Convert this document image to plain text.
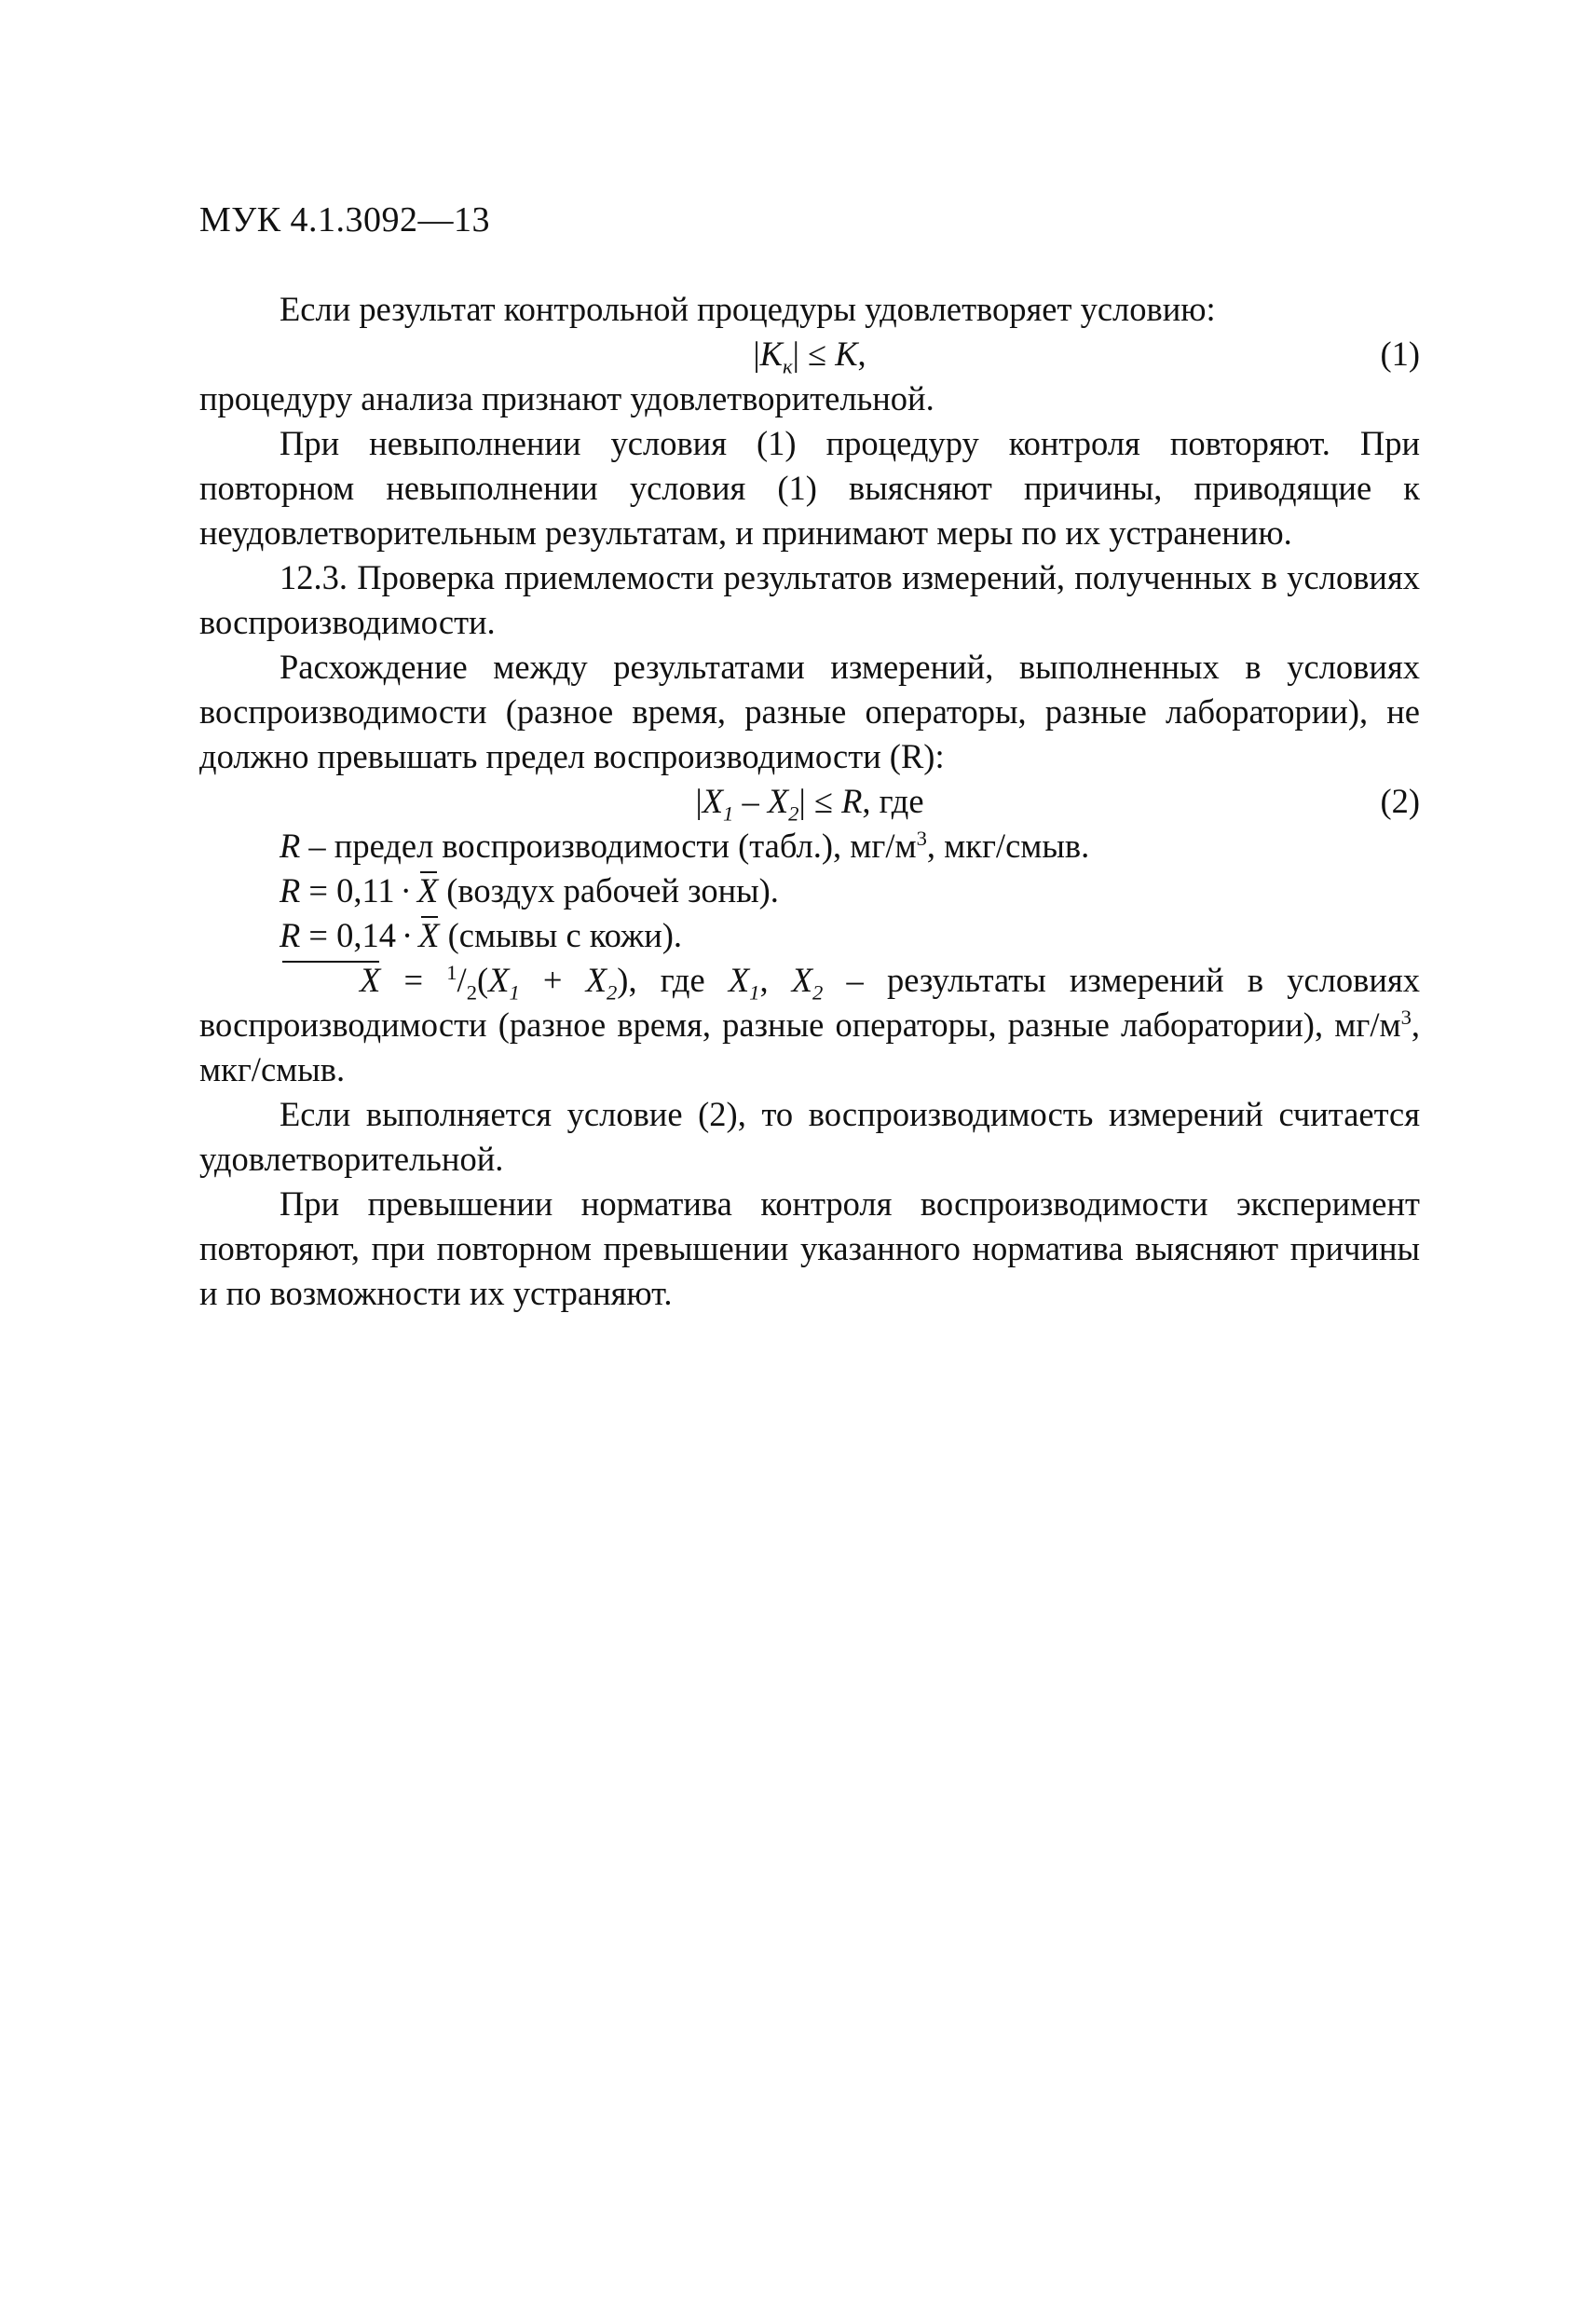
МУК 4.1.3092—13

Если результат контрольной процедуры удовлетворяет условию:

$|K_к| \le K$,	(1)

процедуру анализа признают удовлетворительной.

При невыполнении условия (1) процедуру контроля повторяют. При повторном невыполнении условия (1) выясняют причины, приводящие к неудовлетворительным результатам, и принимают меры по их устранению.

12.3. Проверка приемлемости результатов измерений, полученных в условиях воспроизводимости.

Расхождение между результатами измерений, выполненных в условиях воспроизводимости (разное время, разные операторы, разные лаборатории), не должно превышать предел воспроизводимости (R):

$|X_1 - X_2| \le R$, где	(2)
R – предел воспроизводимости (табл.), $мг/м^3$, мкг/смыв.
R = 0,11 · X (воздух рабочей зоны).
R = 0,14 · X (смывы с кожи).

$X = ^1/_2(X_1 + X_2)$, где $X_1$, $X_2$ – результаты измерений в условиях воспроизводимости (разное время, разные операторы, разные лаборатории), $мг/м^3$, мкг/смыв.

Если выполняется условие (2), то воспроизводимость измерений считается удовлетворительной.

При превышении норматива контроля воспроизводимости эксперимент повторяют, при повторном превышении указанного норматива выясняют причины и по возможности их устраняют.
